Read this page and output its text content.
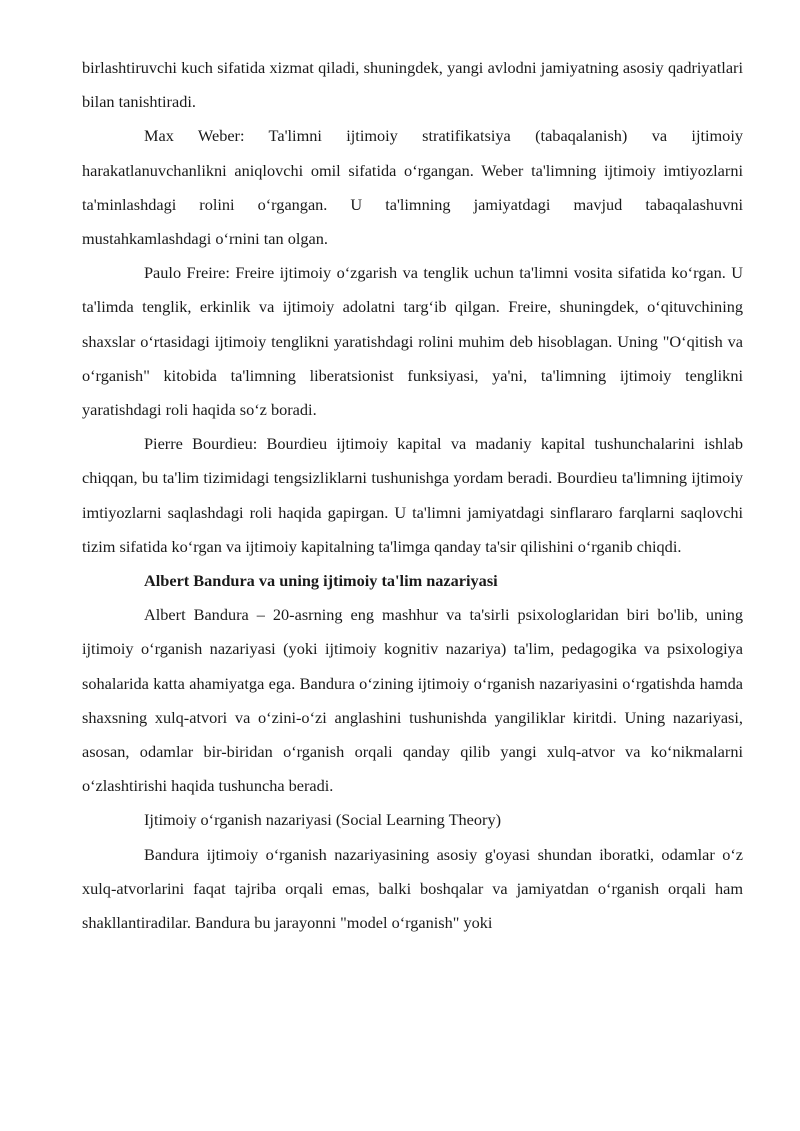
birlashtiruvchi kuch sifatida xizmat qiladi, shuningdek, yangi avlodni jamiyatning asosiy qadriyatlari bilan tanishtiradi.

Max Weber: Ta'limni ijtimoiy stratifikatsiya (tabaqalanish) va ijtimoiy harakatlanuvchanlikni aniqlovchi omil sifatida o‘rgangan. Weber ta'limning ijtimoiy imtiyozlarni ta'minlashdagi rolini o‘rgangan. U ta'limning jamiyatdagi mavjud tabaqalashuvni mustahkamlashdagi o‘rnini tan olgan.

Paulo Freire: Freire ijtimoiy o‘zgarish va tenglik uchun ta'limni vosita sifatida ko‘rgan. U ta'limda tenglik, erkinlik va ijtimoiy adolatni targ‘ib qilgan. Freire, shuningdek, o‘qituvchining shaxslar o‘rtasidagi ijtimoiy tenglikni yaratishdagi rolini muhim deb hisoblagan. Uning "O‘qitish va o‘rganish" kitobida ta'limning liberatsionist funksiyasi, ya'ni, ta'limning ijtimoiy tenglikni yaratishdagi roli haqida so‘z boradi.

Pierre Bourdieu: Bourdieu ijtimoiy kapital va madaniy kapital tushunchalarini ishlab chiqqan, bu ta'lim tizimidagi tengsizliklarni tushunishga yordam beradi. Bourdieu ta'limning ijtimoiy imtiyozlarni saqlashdagi roli haqida gapirgan. U ta'limni jamiyatdagi sinflararo farqlarni saqlovchi tizim sifatida ko‘rgan va ijtimoiy kapitalning ta'limga qanday ta'sir qilishini o‘rganib chiqdi.

Albert Bandura va uning ijtimoiy ta'lim nazariyasi

Albert Bandura – 20-asrning eng mashhur va ta'sirli psixologlaridan biri bo'lib, uning ijtimoiy o‘rganish nazariyasi (yoki ijtimoiy kognitiv nazariya) ta'lim, pedagogika va psixologiya sohalarida katta ahamiyatga ega. Bandura o‘zining ijtimoiy o‘rganish nazariyasini o‘rgatishda hamda shaxsning xulq-atvori va o‘zini-o‘zi anglashini tushunishda yangiliklar kiritdi. Uning nazariyasi, asosan, odamlar bir-biridan o‘rganish orqali qanday qilib yangi xulq-atvor va ko‘nikmalarni o‘zlashtirishi haqida tushuncha beradi.

Ijtimoiy o‘rganish nazariyasi (Social Learning Theory)

Bandura ijtimoiy o‘rganish nazariyasining asosiy g'oyasi shundan iboratki, odamlar o‘z xulq-atvorlarini faqat tajriba orqali emas, balki boshqalar va jamiyatdan o‘rganish orqali ham shakllantiradilar. Bandura bu jarayonni "model o‘rganish" yoki
